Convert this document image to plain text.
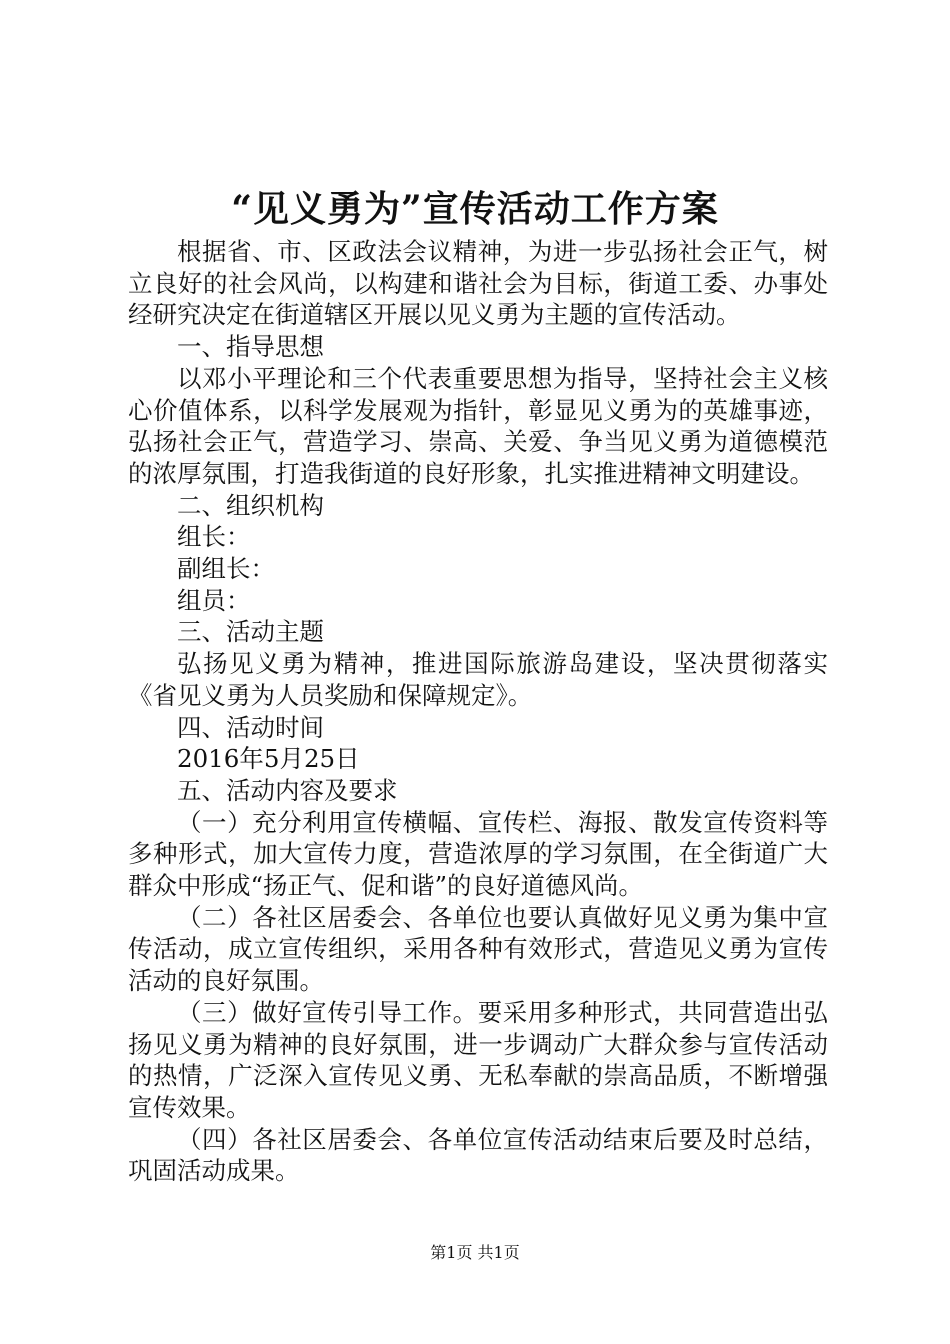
“见义勇为”宣传活动工作方案

根据省、市、区政法会议精神，为进一步弘扬社会正气，树立良好的社会风尚，以构建和谐社会为目标，街道工委、办事处经研究决定在街道辖区开展以见义勇为主题的宣传活动。

一、指导思想

以邓小平理论和三个代表重要思想为指导，坚持社会主义核心价值体系，以科学发展观为指针，彰显见义勇为的英雄事迹，弘扬社会正气，营造学习、崇高、关爱、争当见义勇为道德模范的浓厚氛围，打造我街道的良好形象，扎实推进精神文明建设。

二、组织机构

组长：

副组长：

组员：

三、活动主题

弘扬见义勇为精神，推进国际旅游岛建设，坚决贯彻落实《省见义勇为人员奖励和保障规定》。

四、活动时间

2016年5月25日

五、活动内容及要求

（一）充分利用宣传横幅、宣传栏、海报、散发宣传资料等多种形式，加大宣传力度，营造浓厚的学习氛围，在全街道广大群众中形成“扬正气、促和谐”的良好道德风尚。

（二）各社区居委会、各单位也要认真做好见义勇为集中宣传活动，成立宣传组织，采用各种有效形式，营造见义勇为宣传活动的良好氛围。

（三）做好宣传引导工作。要采用多种形式，共同营造出弘扬见义勇为精神的良好氛围，进一步调动广大群众参与宣传活动的热情，广泛深入宣传见义勇、无私奉献的崇高品质，不断增强宣传效果。

（四）各社区居委会、各单位宣传活动结束后要及时总结，巩固活动成果。

第1页 共1页
